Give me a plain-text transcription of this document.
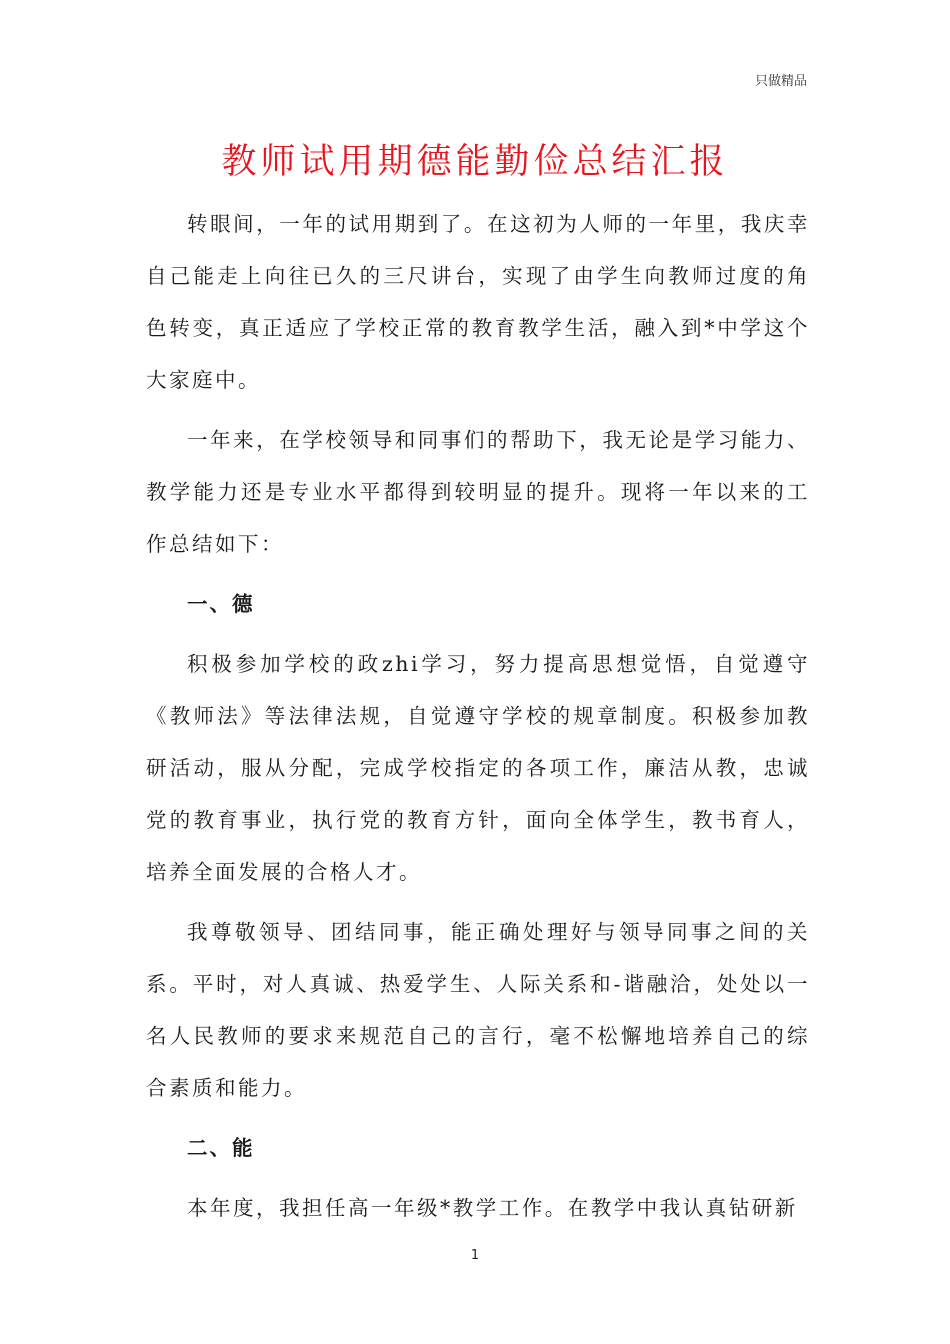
只做精品
教师试用期德能勤俭总结汇报

转眼间，一年的试用期到了。在这初为人师的一年里，我庆幸自己能走上向往已久的三尺讲台，实现了由学生向教师过度的角色转变，真正适应了学校正常的教育教学生活，融入到*中学这个大家庭中。

一年来，在学校领导和同事们的帮助下，我无论是学习能力、教学能力还是专业水平都得到较明显的提升。现将一年以来的工作总结如下：

一、德

积极参加学校的政zhi学习，努力提高思想觉悟，自觉遵守《教师法》等法律法规，自觉遵守学校的规章制度。积极参加教研活动，服从分配，完成学校指定的各项工作，廉洁从教，忠诚党的教育事业，执行党的教育方针，面向全体学生，教书育人，培养全面发展的合格人才。

我尊敬领导、团结同事，能正确处理好与领导同事之间的关系。平时，对人真诚、热爱学生、人际关系和-谐融洽，处处以一名人民教师的要求来规范自己的言行，毫不松懈地培养自己的综合素质和能力。

二、能

本年度，我担任高一年级*教学工作。在教学中我认真钻研新

1
